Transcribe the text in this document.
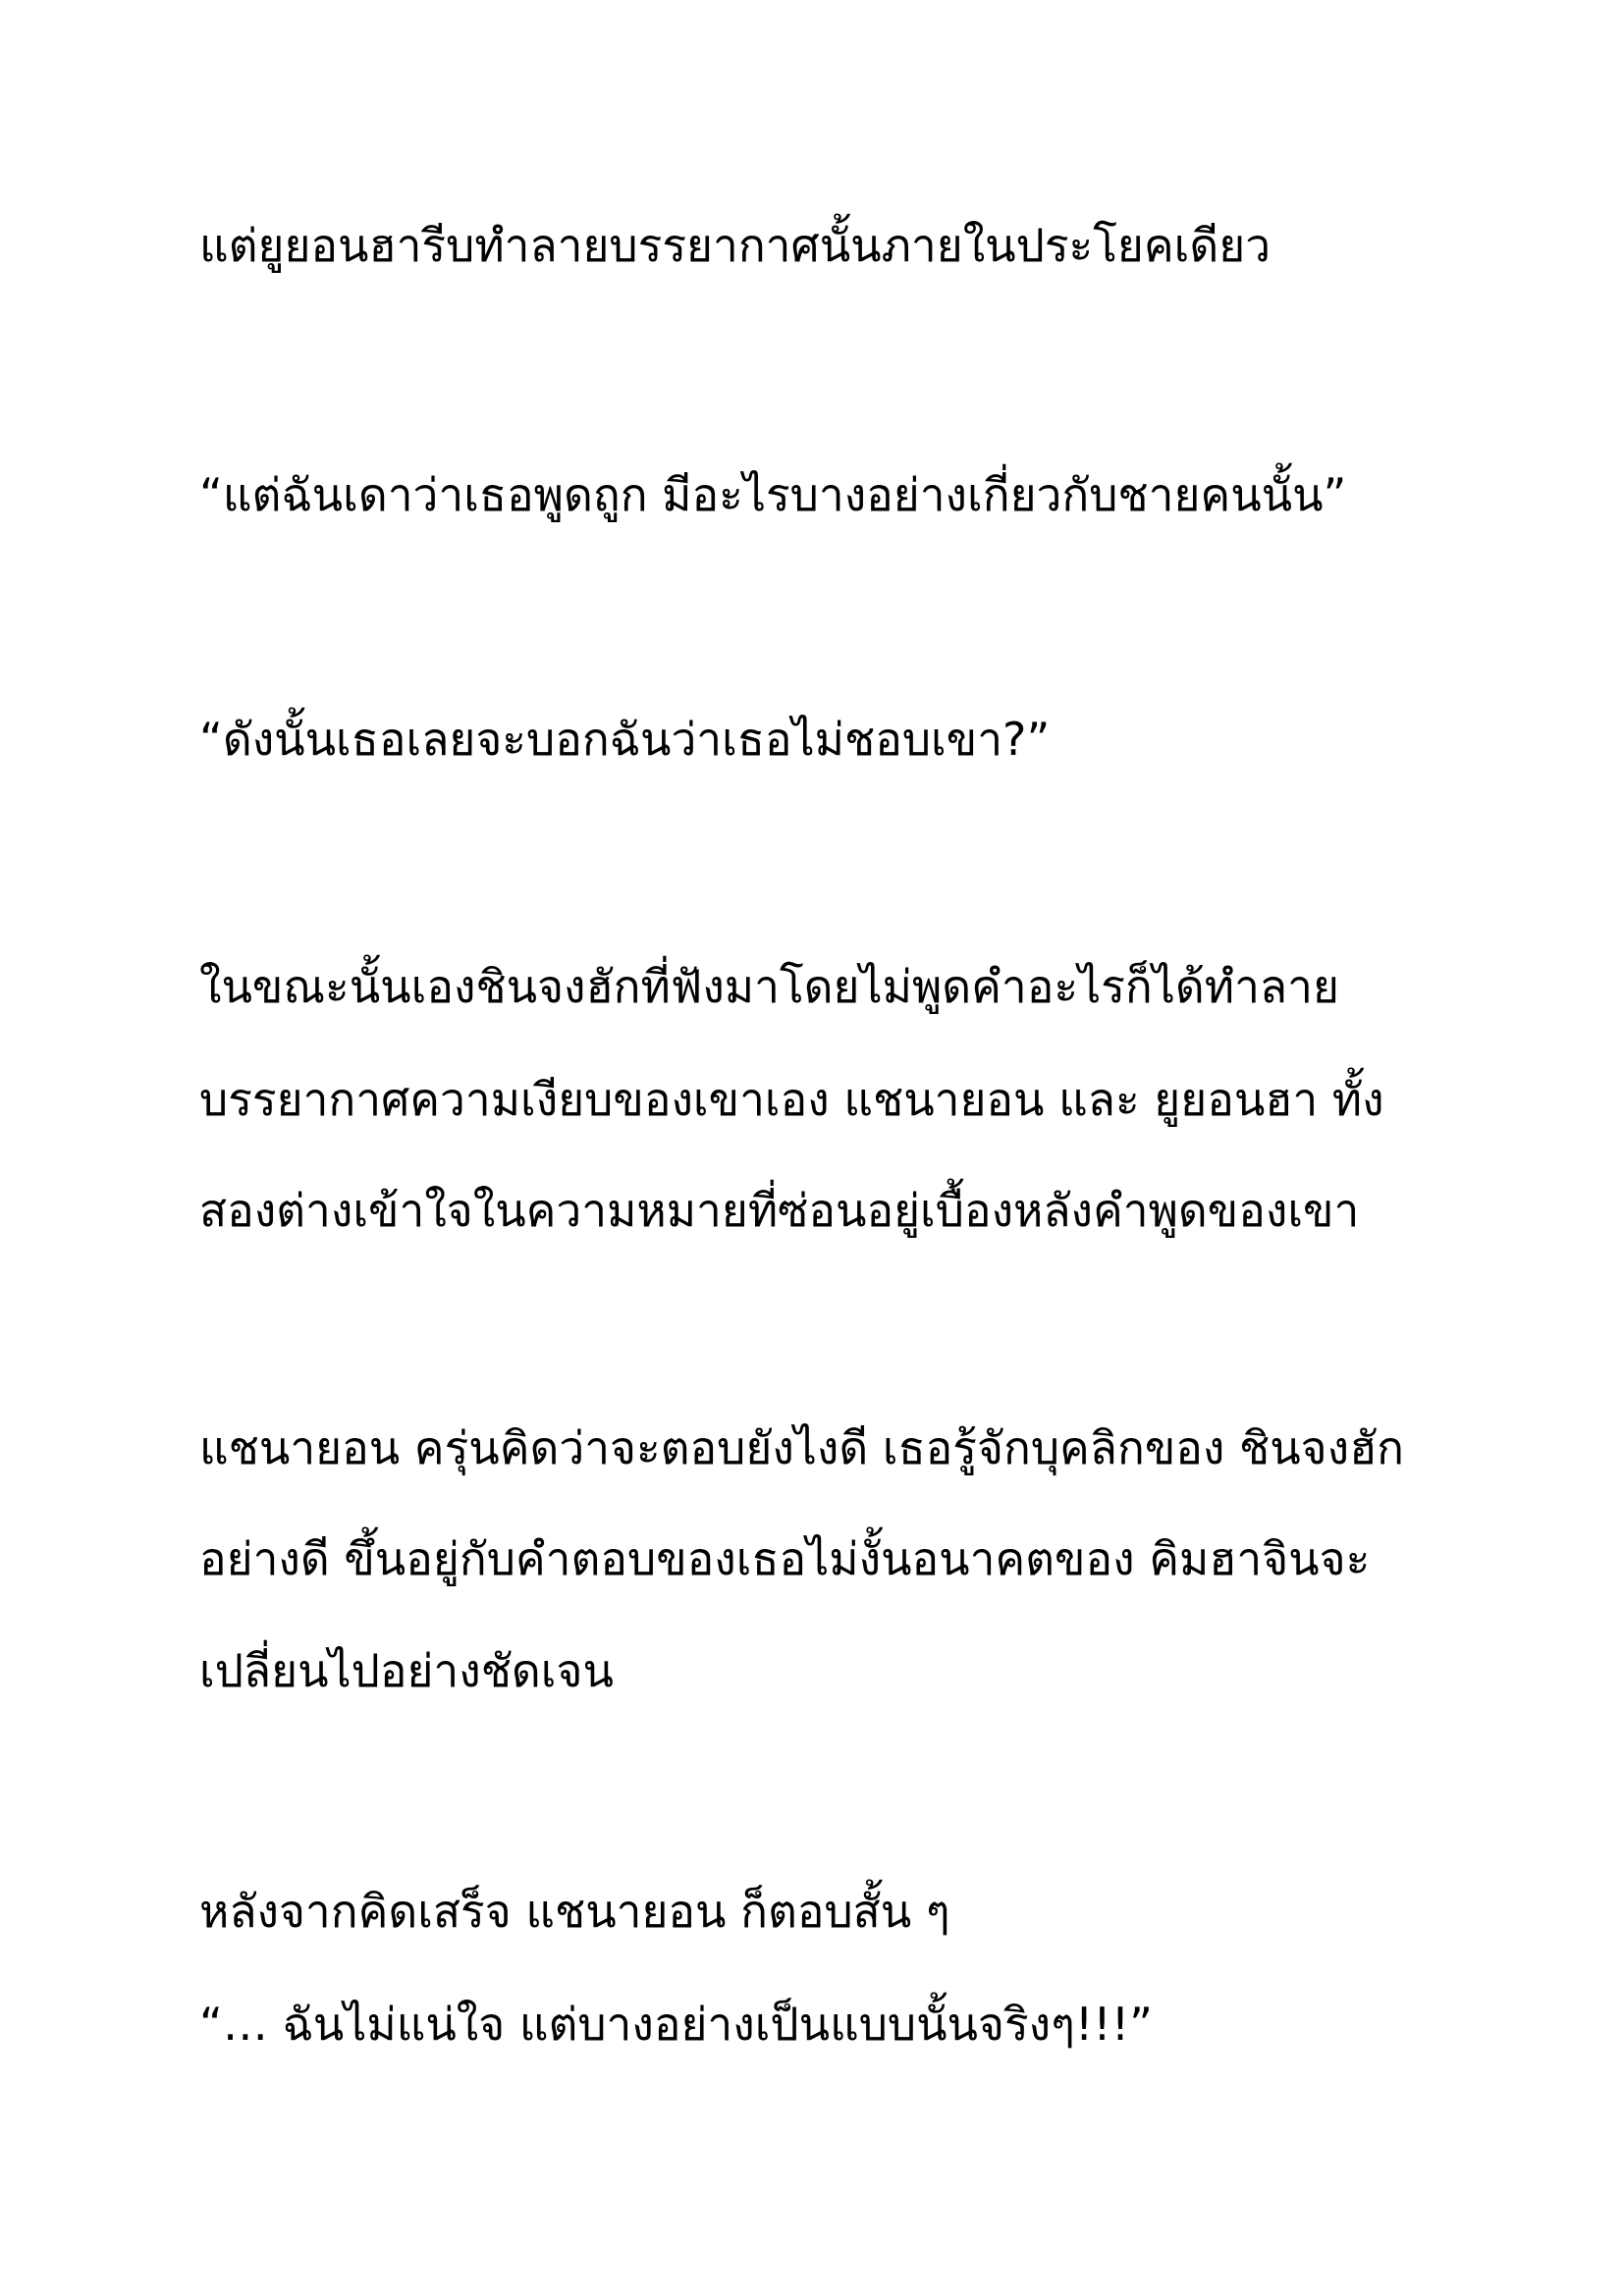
แต่ยูยอนฮารีบทำลายบรรยากาศนั้นภายในประโยคเดียว

“แต่ฉันเดาว่าเธอพูดถูก มีอะไรบางอย่างเกี่ยวกับชายคนนั้น”

“ดังนั้นเธอเลยจะบอกฉันว่าเธอไม่ชอบเขา?”

ในขณะนั้นเองชินจงฮักที่ฟังมาโดยไม่พูดคำอะไรก็ได้ทำลาย

บรรยากาศความเงียบของเขาเอง แชนายอน และ ยูยอนฮา ทั้ง

สองต่างเข้าใจในความหมายที่ซ่อนอยู่เบื้องหลังคำพูดของเขา

แชนายอน ครุ่นคิดว่าจะตอบยังไงดี เธอรู้จักบุคลิกของ ชินจงฮัก

อย่างดี ขึ้นอยู่กับคำตอบของเธอไม่งั้นอนาคตของ คิมฮาจินจะ

เปลี่ยนไปอย่างชัดเจน

หลังจากคิดเสร็จ แชนายอน ก็ตอบสั้น ๆ

“… ฉันไม่แน่ใจ แต่บางอย่างเป็นแบบนั้นจริงๆ!!!”
